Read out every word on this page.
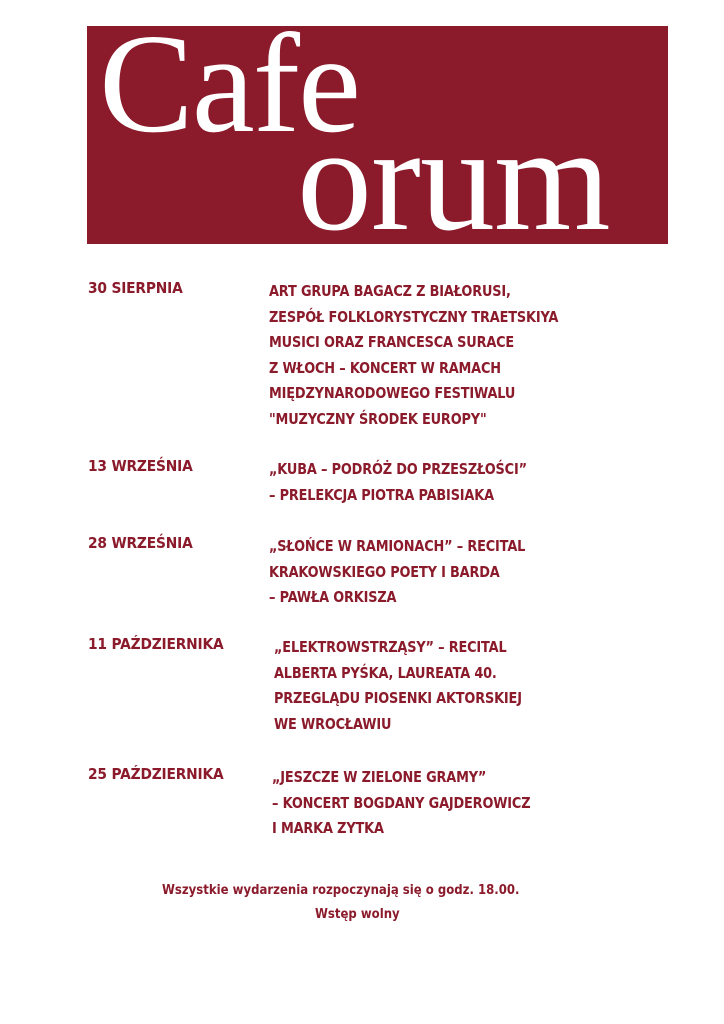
Cafe
orum
30 SIERPNIA	ART GRUPA BAGACZ Z BIAŁORUSI,
ZESPÓŁ FOLKLORYSTYCZNY TRAETSKIYA
MUSICI ORAZ FRANCESCA SURACE
Z WŁOCH – KONCERT W RAMACH
MIĘDZYNARODOWEGO FESTIWALU
"MUZYCZNY ŚRODEK EUROPY"
13 WRZEŚNIA	„KUBA – PODRÓŻ DO PRZESZŁOŚCI”
– PRELEKCJA PIOTRA PABISIAKA
28 WRZEŚNIA	„SŁOŃCE W RAMIONACH” – RECITAL
KRAKOWSKIEGO POETY I BARDA
– PAWŁA ORKISZA
11 PAŹDZIERNIKA	„ELEKTROWSTRZĄSY” – RECITAL
ALBERTA PYŚKA, LAUREATA 40.
PRZEGLĄDU PIOSENKI AKTORSKIEJ
WE WROCŁAWIU
25 PAŹDZIERNIKA	„JESZCZE W ZIELONE GRAMY”
– KONCERT BOGDANY GAJDEROWICZ
I MARKA ZYTKA
Wszystkie wydarzenia rozpoczynają się o godz. 18.00.
Wstęp wolny
